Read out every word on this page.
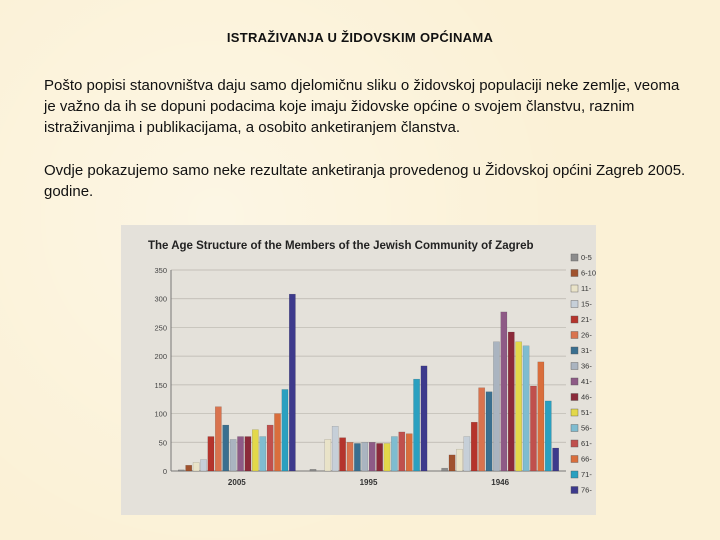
ISTRAŽIVANJA U ŽIDOVSKIM OPĆINAMA
Pošto popisi stanovništva daju samo djelomičnu sliku o židovskoj populaciji neke zemlje, veoma je važno da ih se dopuni podacima koje imaju židovske općine o svojem članstvu, raznim istraživanjima i publikacijama, a osobito anketiranjem članstva.
Ovdje pokazujemo samo neke rezultate anketiranja provedenog u Židovskoj općini Zagreb 2005. godine.
The Age Structure of the Members of the Jewish Community of Zagreb
350
300
250
200
150
100
50
0
2005	1995	1946
0-5
6-10
11-
15-
21-
26-
31-
36-
41-
46-
51-
56-
61-
66-
71-
76-
